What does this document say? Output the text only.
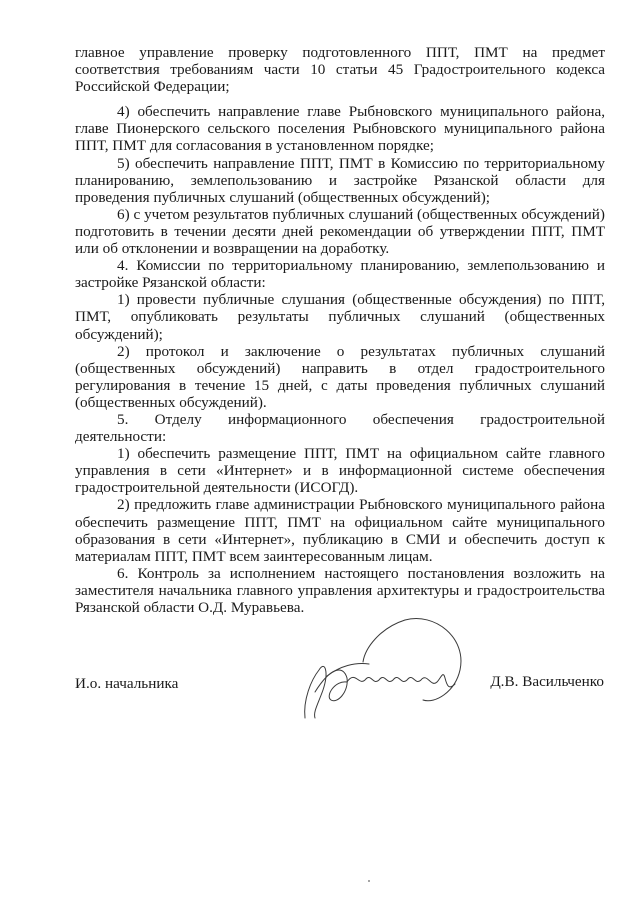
главное управление проверку подготовленного ППТ, ПМТ на предмет соответствия требованиям части 10 статьи 45 Градостроительного кодекса Российской Федерации;

4) обеспечить направление главе Рыбновского муниципального района, главе Пионерского сельского поселения Рыбновского муниципального района ППТ, ПМТ для согласования в установленном порядке;

5) обеспечить направление ППТ, ПМТ в Комиссию по территориальному планированию, землепользованию и застройке Рязанской области для проведения публичных слушаний (общественных обсуждений);

6) с учетом результатов публичных слушаний (общественных обсуждений) подготовить в течении десяти дней рекомендации об утверждении ППТ, ПМТ или об отклонении и возвращении на доработку.

4. Комиссии по территориальному планированию, землепользованию и застройке Рязанской области:

1) провести публичные слушания (общественные обсуждения) по ППТ, ПМТ, опубликовать результаты публичных слушаний (общественных обсуждений);

2) протокол и заключение о результатах публичных слушаний (общественных обсуждений) направить в отдел градостроительного регулирования в течение 15 дней, с даты проведения публичных слушаний (общественных обсуждений).

5. Отделу информационного обеспечения градостроительной деятельности:

1) обеспечить размещение ППТ, ПМТ на официальном сайте главного управления в сети «Интернет» и в информационной системе обеспечения градостроительной деятельности (ИСОГД).

2) предложить главе администрации Рыбновского муниципального района обеспечить размещение ППТ, ПМТ на официальном сайте муниципального образования в сети «Интернет», публикацию в СМИ и обеспечить доступ к материалам ППТ, ПМТ всем заинтересованным лицам.

6. Контроль за исполнением настоящего постановления возложить на заместителя начальника главного управления архитектуры и градостроительства Рязанской области О.Д. Муравьева.

И.о. начальника	Д.В. Васильченко
